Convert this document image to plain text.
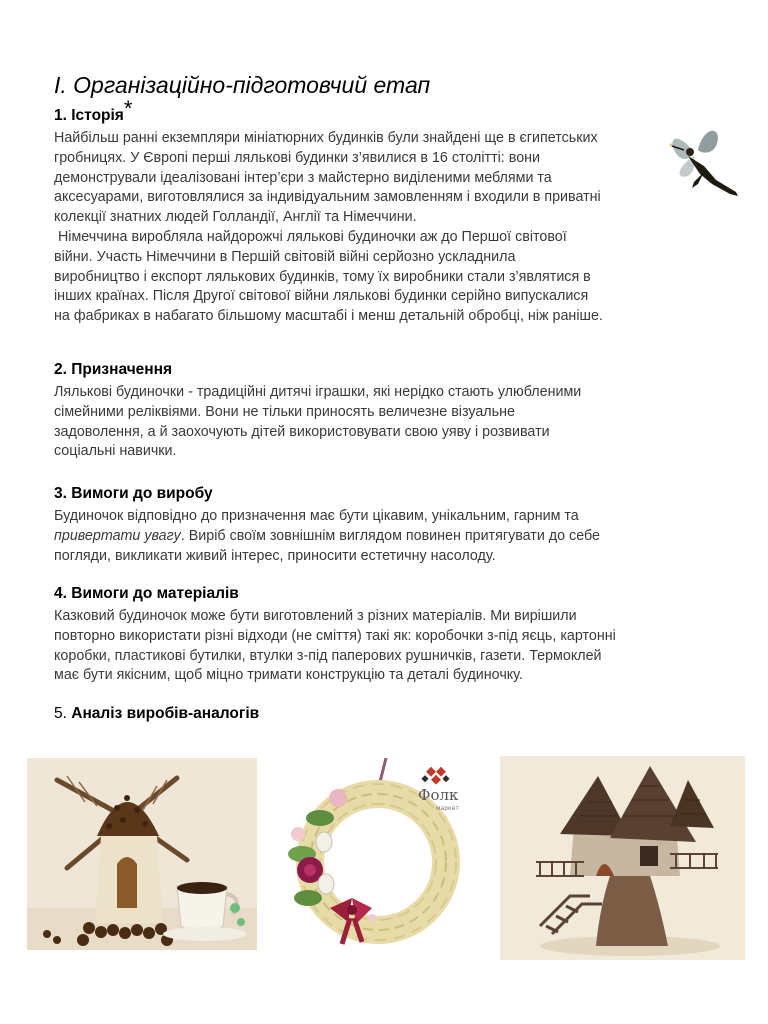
I. Організаційно-підготовчий етап
1. Історія*

Найбільш ранні екземпляри мініатюрних будинків були знайдені ще в єгипетських
гробницях. У Європі перші лялькові будинки з’явилися в 16 столітті: вони
демонстрували ідеалізовані інтер’єри з майстерно виділеними меблями та
аксесуарами, виготовлялися за індивідуальним замовленням і входили в приватні
колекції знатних людей Голландії, Англії та Німеччини.
Німеччина виробляла найдорожчі лялькові будиночки аж до Першої світової
війни. Участь Німеччини в Першій світовій війні серйозно ускладнила
виробництво і експорт лялькових будинків, тому їх виробники стали з’являтися в
інших країнах. Після Другої світової війни лялькові будинки серійно випускалися
на фабриках в набагато більшому масштабі і менш детальній обробці, ніж раніше.

2. Призначення

Лялькові будиночки - традиційні дитячі іграшки, які нерідко стають улюбленими
сімейними реліквіями. Вони не тільки приносять величезне візуальне
задоволення, а й заохочують дітей використовувати свою уяву і розвивати
соціальні навички.

3. Вимоги до виробу

Будиночок відповідно до призначення має бути цікавим, унікальним, гарним та
привертати увагу. Виріб своїм зовнішнім виглядом повинен притягувати до себе
погляди, викликати живий інтерес, приносити естетичну насолоду.

4. Вимоги до матеріалів

Казковий будиночок може бути виготовлений з різних матеріалів. Ми вирішили
повторно використати різні відходи (не сміття) такі як: коробочки з-під яєць, картонні
коробки, пластикові бутилки, втулки з-під паперових рушничків, газети. Термоклей
має бути якісним, щоб міцно тримати конструкцію та деталі будиночку.

5. Аналіз виробів-аналогів
Фолк
маркет
